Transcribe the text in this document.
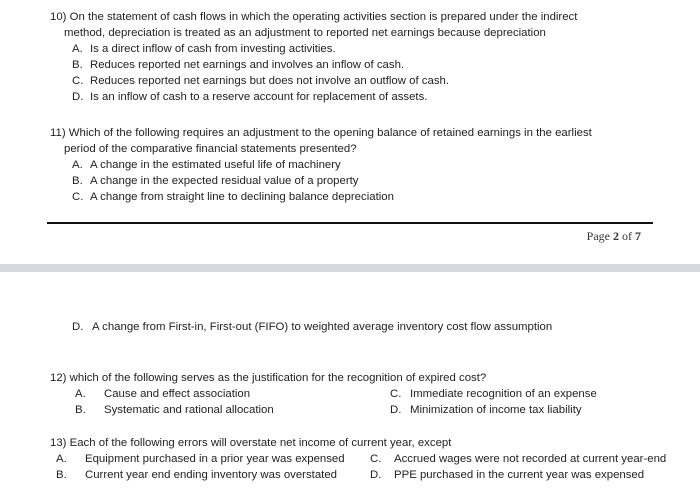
10) On the statement of cash flows in which the operating activities section is prepared under the indirect
method, depreciation is treated as an adjustment to reported net earnings because depreciation
A. Is a direct inflow of cash from investing activities.
B. Reduces reported net earnings and involves an inflow of cash.
C. Reduces reported net earnings but does not involve an outflow of cash.
D. Is an inflow of cash to a reserve account for replacement of assets.
11) Which of the following requires an adjustment to the opening balance of retained earnings in the earliest
period of the comparative financial statements presented?
A. A change in the estimated useful life of machinery
B. A change in the expected residual value of a property
C. A change from straight line to declining balance depreciation
Page 2 of 7
D. A change from First-in, First-out (FIFO) to weighted average inventory cost flow assumption
12) which of the following serves as the justification for the recognition of expired cost?
A. Cause and effect association
B. Systematic and rational allocation
C. Immediate recognition of an expense
D. Minimization of income tax liability
13) Each of the following errors will overstate net income of current year, except
A. Equipment purchased in a prior year was expensed
B. Current year end ending inventory was overstated
C. Accrued wages were not recorded at current year-end
D. PPE purchased in the current year was expensed
